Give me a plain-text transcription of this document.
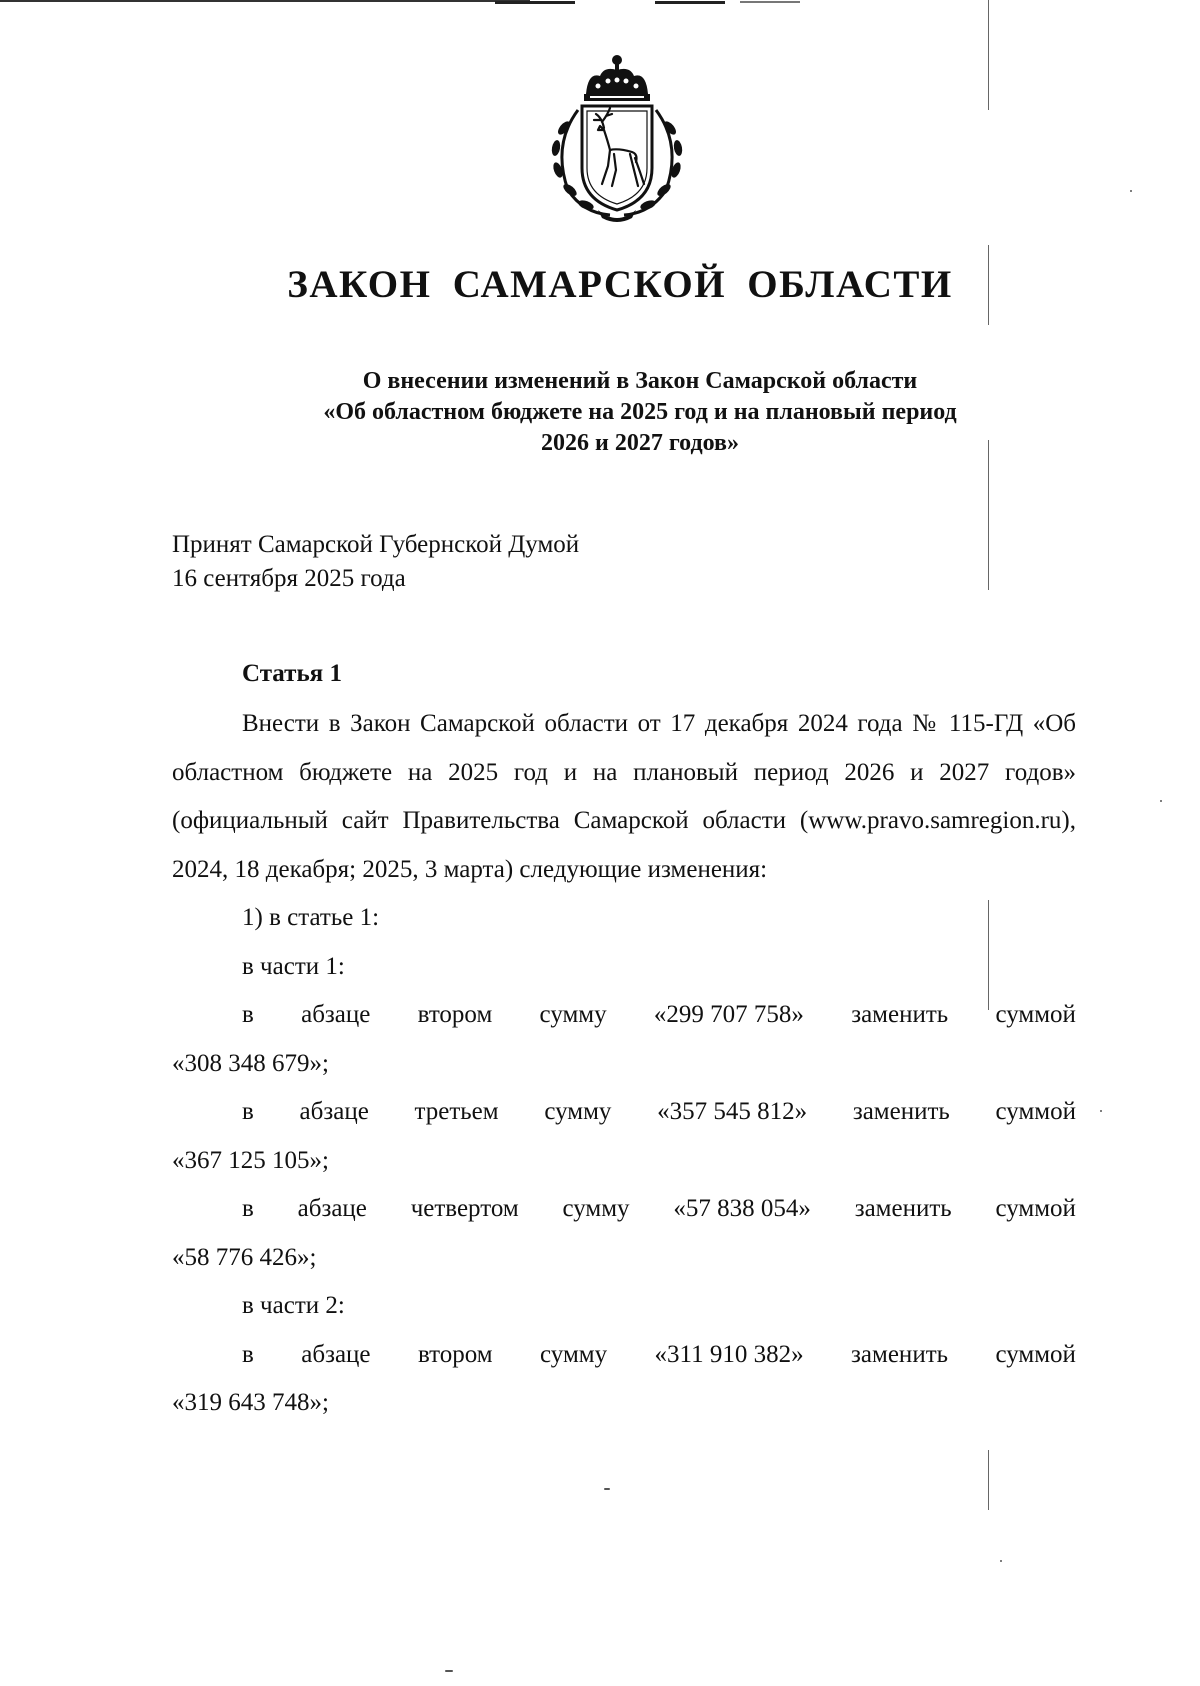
ЗАКОН САМАРСКОЙ ОБЛАСТИ
О внесении изменений в Закон Самарской области
«Об областном бюджете на 2025 год и на плановый период
2026 и 2027 годов»
Принят Самарской Губернской Думой
16 сентября 2025 года
Статья 1

Внести в Закон Самарской области от 17 декабря 2024 года № 115-ГД «Об областном бюджете на 2025 год и на плановый период 2026 и 2027 годов» (официальный сайт Правительства Самарской области (www.pravo.samregion.ru), 2024, 18 декабря; 2025, 3 марта) следующие изменения:

1) в статье 1:

в части 1:

в абзаце втором сумму «299 707 758» заменить суммой
«308 348 679»;
в абзаце третьем сумму «357 545 812» заменить суммой
«367 125 105»;
в абзаце четвертом сумму «57 838 054» заменить суммой
«58 776 426»;

в части 2:

в абзаце втором сумму «311 910 382» заменить суммой
«319 643 748»;
